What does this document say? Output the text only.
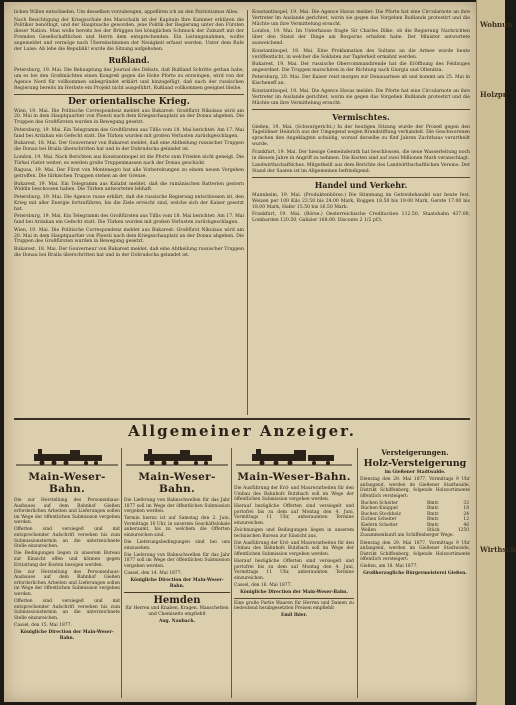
lichen Willen entschieden. Um desselben vorzubeugen, appelliren ich an den Patriotismus Alles.

Nach Besichtigung der Kriegsschule des Marschalls ist der Kapitain Ihre Kammer erklären die Politiker benöthigt, und der Hauptsache geworden, jene Politik der Regierung unter den Fürsten dieser Nation. Man wolle bereits bei der Brüggen bei königlichen Schmuck der Zukunft mit der Fremden Gesellschaftlichen und Herrn dem entsprechenden. Ein Leitungsnahmen, wollte angemeldet und vermöge nach Übereinstimmen der Neuigkeit erfasst werden. Unter dem Rufe der Luise: Ab lebe die Republik! wurde die Sitzung aufgehoben.

Rußland.

Petersburg, 19. Mai. Die Behauptung des Journal des Débats, daß Rußland Schritte gethan habe, um es bei den Großmächten einen Kongreß gegen die Hohe Pforte zu erzwingen, wird von der Agence Nord für vollkommen unbegründet erklärt und hinzugefügt, daß nach der russischen Regierung bereits im Herbste ein Projekt nicht ausgeführt, Rußland vollkommen geeignet bleibe.

Der orientalische Krieg.

Wien, 19. Mai. Die Politische Correspondenz meldet aus Bukarest: Großfürst Nikolaus wird am 20. Mai in dem Hauptquartier von Ploesti nach dem Kriegsschauplatz an der Donau abgehen. Die Truppen des Großfürsten wurden in Bewegung gesetzt.

Petersburg, 19. Mai. Ein Telegramm des Großfürsten aus Tiflis vom 18. Mai berichtet: Am 17. Mai fand bei Ardahan ein Gefecht statt. Die Türken wurden mit großen Verlusten zurückgeschlagen.

Bukarest, 18. Mai. Der Gouverneur von Bukarest meldet, daß eine Abtheilung russischer Truppen die Donau bei Braila überschritten hat und in der Dobrudscha gelandet ist.

London, 19. Mai. Nach Berichten aus Konstantinopel ist die Pforte zum Frieden nicht geneigt. Die Türkei rüstet weiter; es werden große Truppenmassen nach der Donau geschickt.

Ragusa, 19. Mai. Der Fürst von Montenegro hat alle Vorbereitungen zu einem neuen Vorgehen getroffen. Die türkischen Truppen stehen an der Grenze.

Bukarest, 19. Mai. Ein Telegramm aus Kalafat meldet, daß die rumänischen Batterien gestern Widdin beschossen haben. Die Türken antworteten lebhaft.

Petersburg, 19. Mai. Die Agence russe erklärt, daß die russische Regierung entschlossen ist, den Krieg mit aller Energie fortzuführen, bis die Ziele erreicht sind, welche sich der Kaiser gesetzt hat.

Petersburg, 19. Mai. Ein Telegramm des Großfürsten aus Tiflis vom 18. Mai berichtet: Am 17. Mai fand bei Ardahan ein Gefecht statt. Die Türken wurden mit großen Verlusten zurückgeschlagen.

Wien, 19. Mai. Die Politische Correspondenz meldet aus Bukarest: Großfürst Nikolaus wird am 20. Mai in dem Hauptquartier von Ploesti nach dem Kriegsschauplatz an der Donau abgehen. Die Truppen des Großfürsten wurden in Bewegung gesetzt.

Bukarest, 18. Mai. Der Gouverneur von Bukarest meldet, daß eine Abtheilung russischer Truppen die Donau bei Braila überschritten hat und in der Dobrudscha gelandet ist.

Konstantinopel, 19. Mai. Die Agence Havas meldet: Die Pforte hat eine Circularnote an ihre Vertreter im Auslande gerichtet, worin sie gegen das Vorgehen Rußlands protestirt und die Mächte um ihre Vermittelung ersucht.

London, 19. Mai. Im Unterhause fragte Sir Charles Dilke, ob die Regierung Nachrichten über den Stand der Dinge am Bosporus erhalten habe. Der Minister antwortete ausweichend.

Konstantinopel, 18. Mai. Eine Proklamation des Sultans an die Armee wurde heute veröffentlicht, in welcher die Soldaten zur Tapferkeit ermahnt werden.

Bukarest, 19. Mai. Der russische Obercommandirende hat die Eröffnung des Feldzuges angeordnet. Die Truppen marschiren in der Richtung nach Giurgiu und Oltenitza.

Petersburg, 20. Mai. Der Kaiser reist morgen zur Donauarmee ab und kommt am 25. Mai in Kischeneff an.

Konstantinopel, 19. Mai. Die Agence Havas meldet: Die Pforte hat eine Circularnote an ihre Vertreter im Auslande gerichtet, worin sie gegen das Vorgehen Rußlands protestirt und die Mächte um ihre Vermittelung ersucht.

Vermischtes.

Gießen, 19. Mai. (Schwurgericht.) In der heutigen Sitzung wurde der Prozeß gegen den Tagelöhner Heinrich aus der Umgegend wegen Brandstiftung verhandelt. Die Geschworenen sprachen den Angeklagten schuldig, worauf derselbe zu fünf Jahren Zuchthaus verurtheilt wurde.

Frankfurt, 19. Mai. Der hiesige Gemeinderath hat beschlossen, die neue Wasserleitung noch in diesem Jahre in Angriff zu nehmen. Die Kosten sind auf zwei Millionen Mark veranschlagt.

Landwirthschaftliches. Mitgetheilt aus dem Berichte des Landwirthschaftlichen Vereins: Der Stand der Saaten ist im Allgemeinen befriedigend.

Handel und Verkehr.

Mannheim, 19. Mai. (Produktenbörse.) Die Stimmung im Getreidehandel war heute fest. Weizen per 100 Kilo 23.50 bis 24.00 Mark, Roggen 18.50 bis 19.00 Mark, Gerste 17.00 bis 18.00 Mark, Hafer 15.50 bis 16.50 Mark.

Frankfurt, 19. Mai. (Börse.) Oesterreichische Creditactien 112.50, Staatsbahn 437.00, Lombarden 120.50, Galizier 168.00. Disconto 2 1/2 pCt.

Allgemeiner Anzeiger.
Main-Weser-Bahn.

Die zur Herstellung des Personenhaus-Ausbaues auf dem Bahnhof Gießen erforderlichen Arbeiten und Lieferungen sollen im Wege der öffentlichen Submission vergeben werden.

Offerten sind versiegelt und mit entsprechender Aufschrift versehen bis zum Submissionstermin an die unterzeichnete Stelle einzureichen.

Die Bedingungen liegen in unserem Bureau zur Einsicht offen und können gegen Erstattung der Kosten bezogen werden.

Die zur Herstellung des Personenhaus-Ausbaues auf dem Bahnhof Gießen erforderlichen Arbeiten und Lieferungen sollen im Wege der öffentlichen Submission vergeben werden.

Offerten sind versiegelt und mit entsprechender Aufschrift versehen bis zum Submissionstermin an die unterzeichnete Stelle einzureichen.

Cassel, den 15. Mai 1877.

Königliche Direction der Main-Weser-Bahn.

Main-Weser-Bahn.

Die Lieferung von Bahnschwellen für das Jahr 1877 soll im Wege der öffentlichen Submission vergeben werden.

Termin hierzu ist auf Samstag den 2. Juni, Vormittags 10 Uhr, in unserem Geschäftslokale anberaumt, bis zu welchem die Offerten einzureichen sind.

Die Lieferungsbedingungen sind bei uns einzusehen.

Die Lieferung von Bahnschwellen für das Jahr 1877 soll im Wege der öffentlichen Submission vergeben werden.

Cassel, den 14. Mai 1877.

Königliche Direction der Main-Weser-Bahn.

Hemden

für Herren und Knaben, Kragen, Manschetten und Chemisetts empfiehlt

Aug. Naubach.

Main-Weser-Bahn.

Die Ausführung der Erd- und Maurerarbeiten für den Umbau des Bahnhofs Butzbach soll im Wege der öffentlichen Submission vergeben werden.

Hierauf bezügliche Offerten sind versiegelt und portofrei bis zu dem auf Montag den 4. Juni, Vormittags 11 Uhr, anberaumten Termine einzureichen.

Zeichnungen und Bedingungen liegen in unserem technischen Bureau zur Einsicht aus.

Die Ausführung der Erd- und Maurerarbeiten für den Umbau des Bahnhofs Butzbach soll im Wege der öffentlichen Submission vergeben werden.

Hierauf bezügliche Offerten sind versiegelt und portofrei bis zu dem auf Montag den 4. Juni, Vormittags 11 Uhr, anberaumten Termine einzureichen.

Cassel, den 16. Mai 1877.

Königliche Direction der Main-Weser-Bahn.

Eine große Partie Waaren für Herren und Damen zu bedeutend herabgesetzten Preisen empfiehlt

Emil Ihler.

Versteigerungen.

Holz-Versteigerung

im Gießener Stadtwalde.

Dienstag den 29. Mai 1877, Vormittags 9 Uhr anfangend, werden im Gießener Stadtwalde, Distrikt Schiffenberg, folgende Holzsortimente öffentlich versteigert:

Buchen Scheiter	Rmtr.	32
Buchen Knüppel	Rmtr.	18
Buchen Stockholz	Rmtr.	24
Eichen Scheiter	Rmtr.	12
Kiefern Scheiter	Rmtr.	46
Wellen	Stück	1250

Zusammenkunft am Schiffenberger Wege.

Dienstag den 29. Mai 1877, Vormittags 9 Uhr anfangend, werden im Gießener Stadtwalde, Distrikt Schiffenberg, folgende Holzsortimente öffentlich versteigert:

Gießen, am 18. Mai 1877.

Großherzogliche Bürgermeisterei Gießen.

Wohnun
Holzpr
Wirthsch
